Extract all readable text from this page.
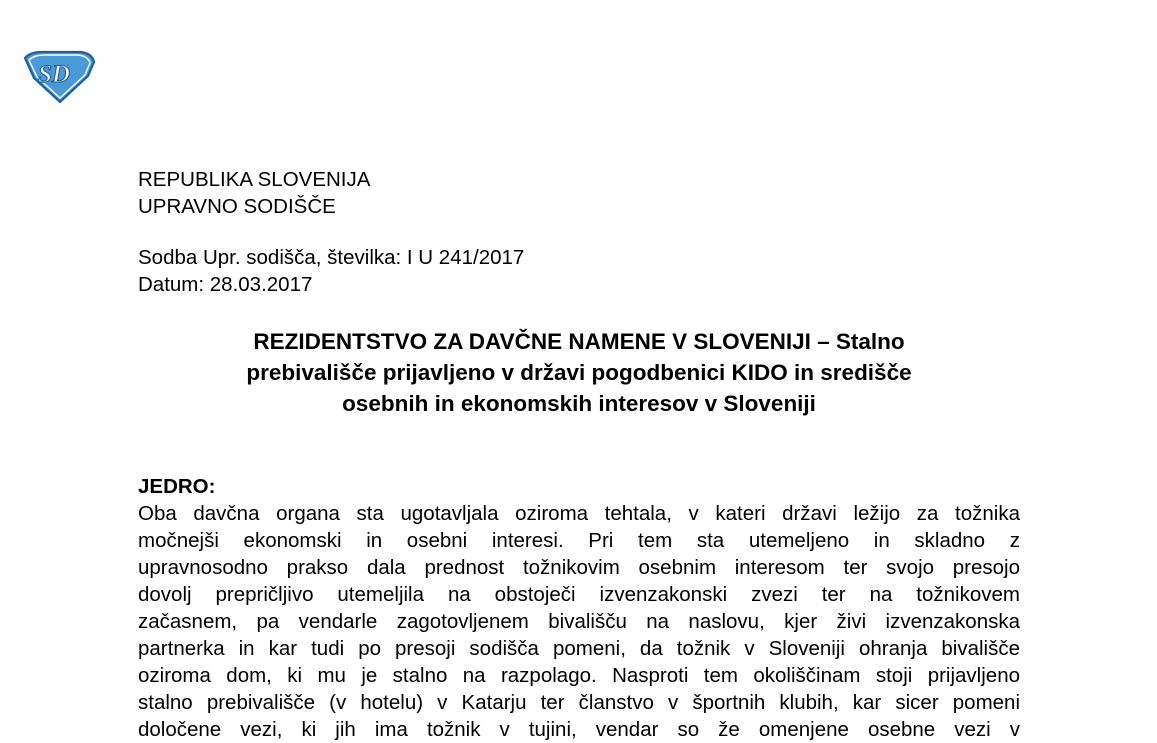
SD
REPUBLIKA SLOVENIJA
UPRAVNO SODIŠČE
Sodba Upr. sodišča, številka: I U 241/2017
Datum: 28.03.2017
REZIDENTSTVO ZA DAVČNE NAMENE V SLOVENIJI – Stalno
prebivališče prijavljeno v državi pogodbenici KIDO in središče
osebnih in ekonomskih interesov v Sloveniji
JEDRO:
Oba davčna organa sta ugotavljala oziroma tehtala, v kateri državi ležijo za tožnika
močnejši ekonomski in osebni interesi. Pri tem sta utemeljeno in skladno z
upravnosodno prakso dala prednost tožnikovim osebnim interesom ter svojo presojo
dovolj prepričljivo utemeljila na obstoječi izvenzakonski zvezi ter na tožnikovem
začasnem, pa vendarle zagotovljenem bivališču na naslovu, kjer živi izvenzakonska
partnerka in kar tudi po presoji sodišča pomeni, da tožnik v Sloveniji ohranja bivališče
oziroma dom, ki mu je stalno na razpolago. Nasproti tem okoliščinam stoji prijavljeno
stalno prebivališče (v hotelu) v Katarju ter članstvo v športnih klubih, kar sicer pomeni
določene vezi, ki jih ima tožnik v tujini, vendar so že omenjene osebne vezi v
